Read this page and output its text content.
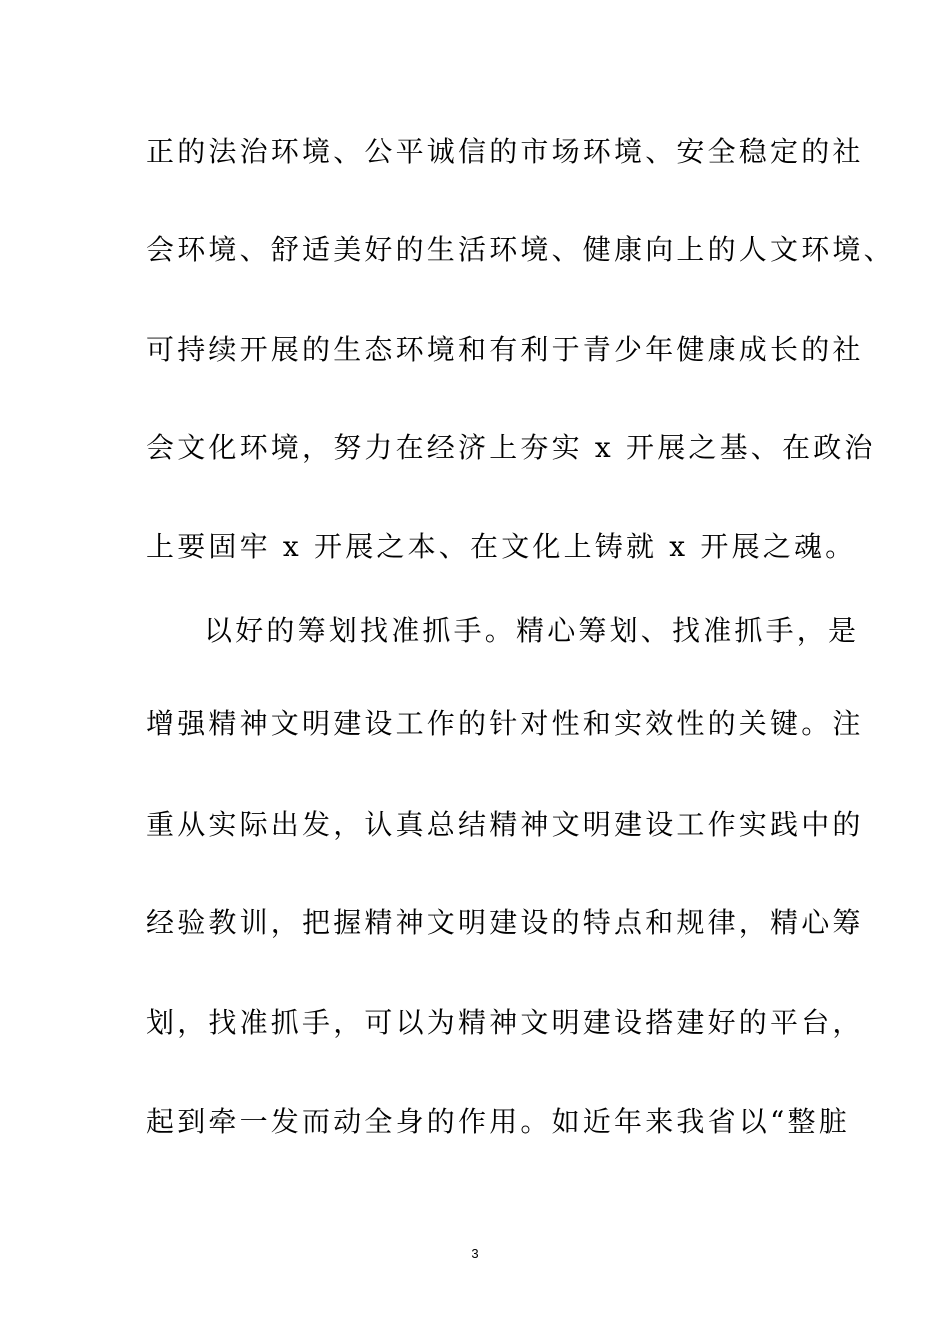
正的法治环境、公平诚信的市场环境、安全稳定的社
会环境、舒适美好的生活环境、健康向上的人文环境、
可持续开展的生态环境和有利于青少年健康成长的社
会文化环境，努力在经济上夯实 x 开展之基、在政治
上要固牢 x 开展之本、在文化上铸就 x 开展之魂。
以好的筹划找准抓手。精心筹划、找准抓手，是
增强精神文明建设工作的针对性和实效性的关键。注
重从实际出发，认真总结精神文明建设工作实践中的
经验教训，把握精神文明建设的特点和规律，精心筹
划，找准抓手，可以为精神文明建设搭建好的平台，
起到牵一发而动全身的作用。如近年来我省以“整脏
3
